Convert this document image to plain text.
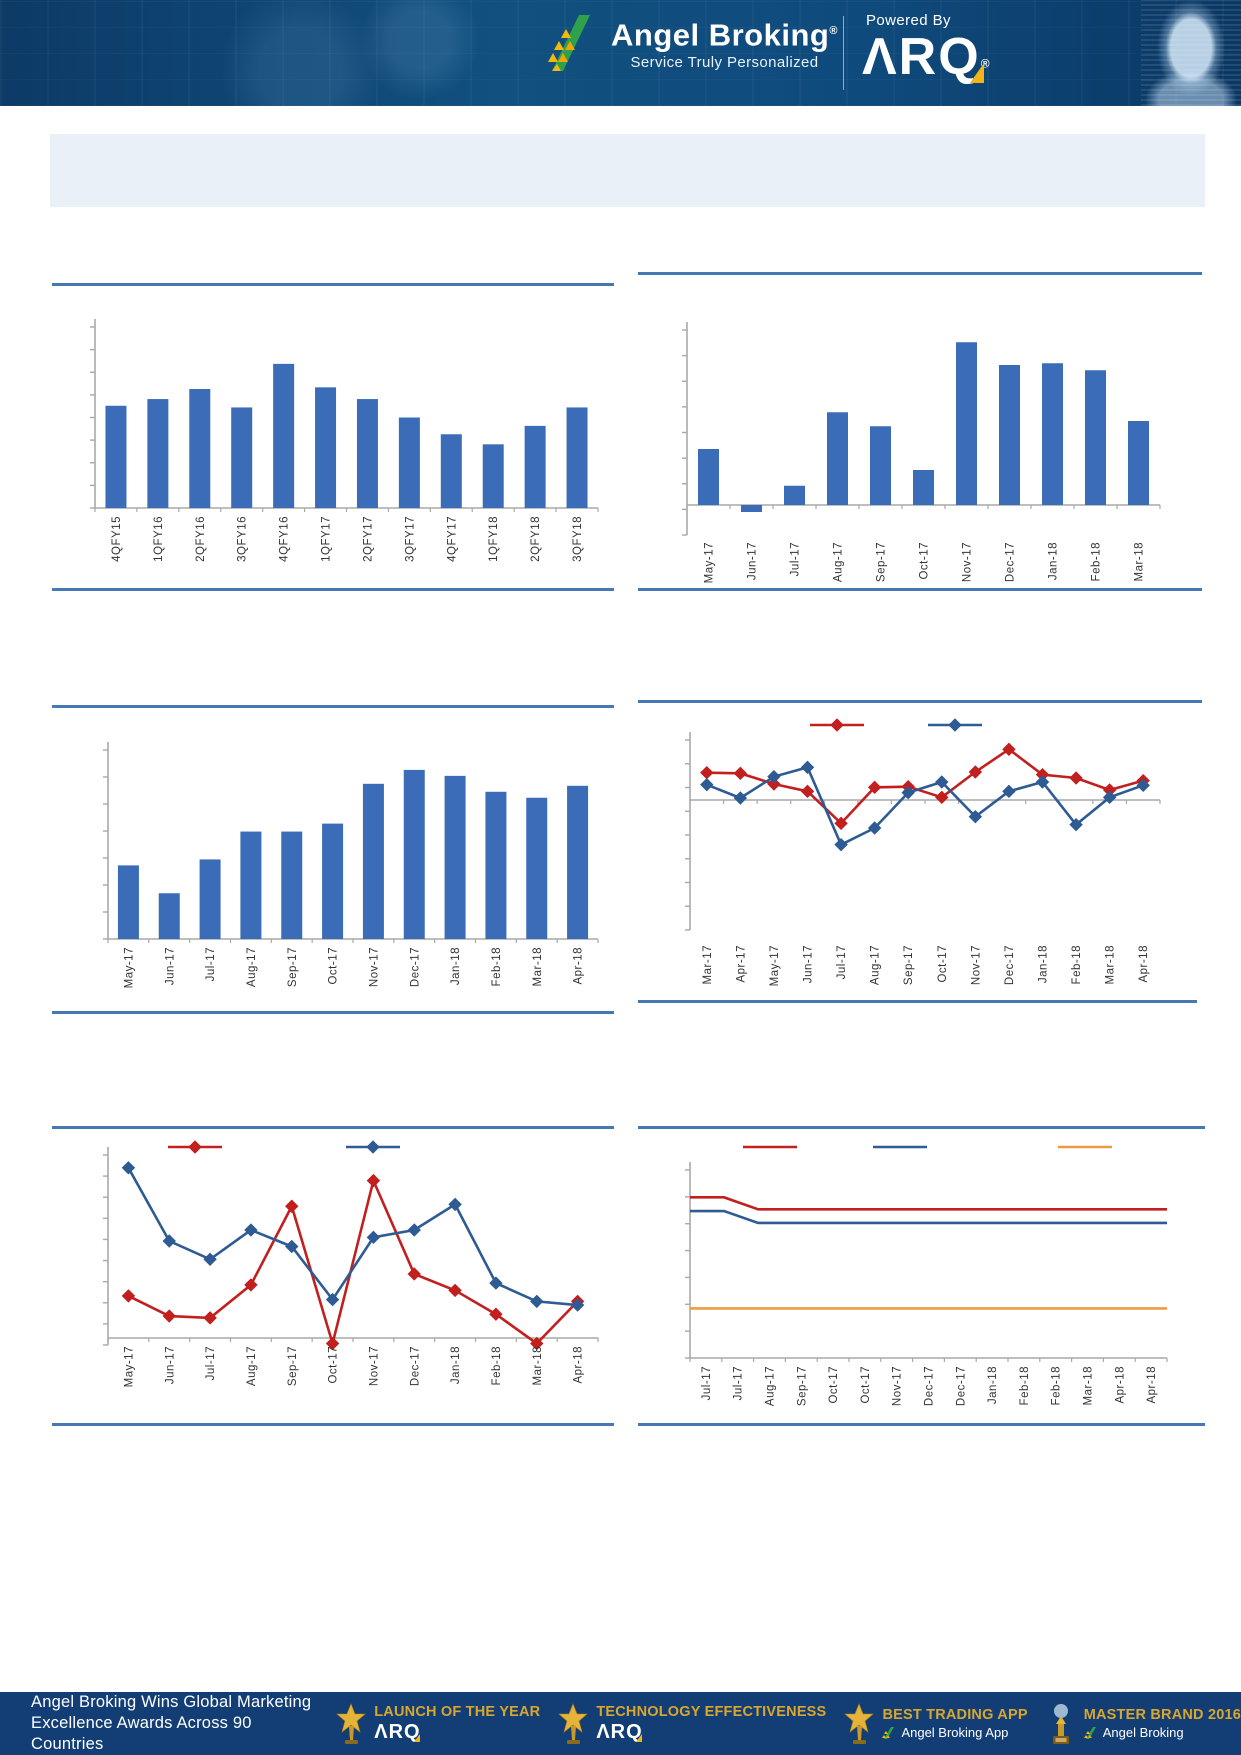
Angel Broking®
Service Truly Personalized
Powered By
ΛRQ®
4QFY15	1QFY16	2QFY16	3QFY16	4QFY16	1QFY17	2QFY17	3QFY17	4QFY17	1QFY18	2QFY18	3QFY18
May-17	Jun-17	Jul-17	Aug-17	Sep-17	Oct-17	Nov-17	Dec-17	Jan-18	Feb-18	Mar-18
May-17	Jun-17	Jul-17	Aug-17	Sep-17	Oct-17	Nov-17	Dec-17	Jan-18	Feb-18	Mar-18	Apr-18	Mar-17 Apr-17 May-17 Jun-17 Jul-17 Aug-17 Sep-17 Oct-17 Nov-17 Dec-17 Jan-18 Feb-18 Mar-18 Apr-18
May-17	Jun-17	Jul-17	Aug-17	Sep-17	Oct-17	Nov-17	Dec-17	Jan-18	Feb-18	Mar-18	Apr-18	Jul-17 Jul-17 Aug-17 Sep-17 Oct-17 Oct-17 Nov-17 Dec-17 Dec-17 Jan-18 Feb-18 Feb-18 Mar-18 Apr-18 Apr-18
Angel Broking Wins Global Marketing
Excellence Awards Across 90 Countries
LAUNCH OF THE YEAR
ΛRQ
TECHNOLOGY EFFECTIVENESS
ΛRQ
BEST TRADING APP
Angel Broking App
MASTER BRAND 2016
Angel Broking
